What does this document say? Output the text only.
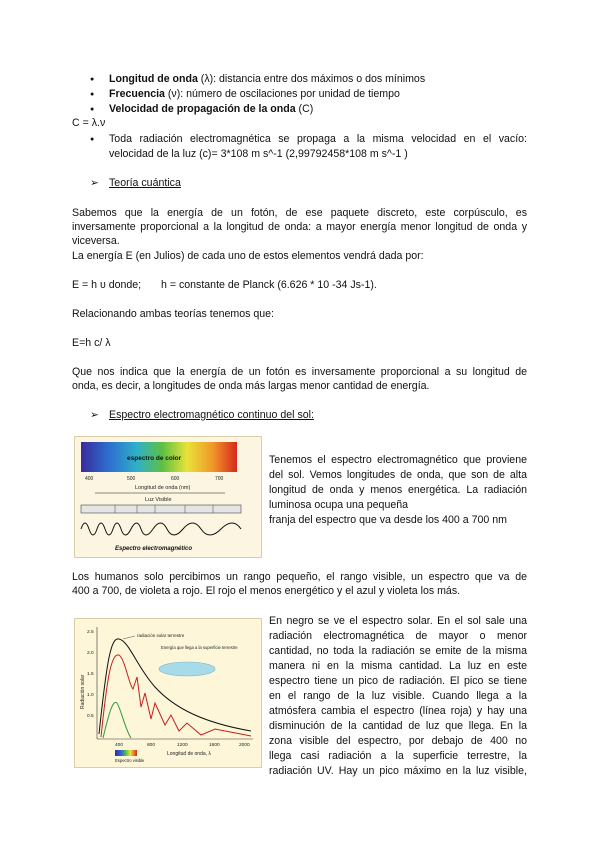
Longitud de onda (λ): distancia entre dos máximos o dos mínimos
Frecuencia (ν): número de oscilaciones por unidad de tiempo
Velocidad de propagación de la onda (C)
C = λ.ν
Toda radiación electromagnética se propaga a la misma velocidad en el vacío:
velocidad de la luz (c)= 3*108 m s^-1 (2,99792458*108 m s^-1 )
➢ Teoría cuántica
Sabemos que la energía de un fotón, de ese paquete discreto, este corpúsculo, es
inversamente proporcional a la longitud de onda: a mayor energía menor longitud de onda y
viceversa.
La energía E (en Julios) de cada uno de estos elementos vendrá dada por:
E = h υ donde; h = constante de Planck (6.626 * 10 -34 Js-1).
Relacionando ambas teorías tenemos que:
E=h c/ λ
Que nos indica que la energía de un fotón es inversamente proporcional a su longitud de
onda, es decir, a longitudes de onda más largas menor cantidad de energía.
➢ Espectro electromagnético continuo del sol:
espectro de color
400	500	600	700
Longitud de onda (nm)
Luz Visible
Espectro electromagnético
Tenemos el espectro electromagnético que proviene
del sol. Vemos longitudes de onda, que son de alta
longitud de onda y menos energética. La radiación
luminosa ocupa una pequeña
franja del espectro que va desde los 400 a 700 nm
Los humanos solo percibimos un rango pequeño, el rango visible, un espectro que va de
400 a 700, de violeta a rojo. El rojo el menos energético y el azul y violeta los más.
Radiación solar
2.5
2.0
1.5
1.0
0.5
400	800	1200	1600	2000
Longitud de onda, λ
radiación solar terrestre
Energía que llega a la superficie terrestre
Espectro visible
En negro se ve el espectro solar. En el sol sale una
radiación electromagnética de mayor o menor
cantidad, no toda la radiación se emite de la misma
manera ni en la misma cantidad. La luz en este
espectro tiene un pico de radiación. El pico se tiene
en el rango de la luz visible. Cuando llega a la
atmósfera cambia el espectro (línea roja) y hay una
disminución de la cantidad de luz que llega. En la
zona visible del espectro, por debajo de 400 no
llega casi radiación a la superficie terrestre, la
radiación UV. Hay un pico máximo en la luz visible,
